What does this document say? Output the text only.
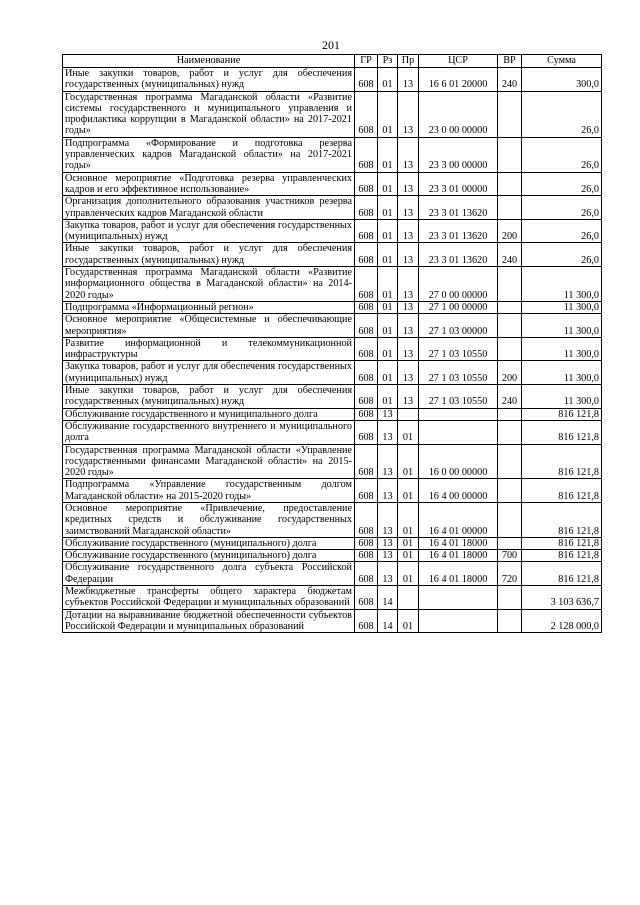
201
Наименование	ГР	Рз	Пр	ЦСР	ВР	Сумма
Иные закупки товаров, работ и услуг для обеспечения государственных (муниципальных) нужд	608	01	13	16 6 01 20000	240	300,0
Государственная программа Магаданской области «Развитие системы государственного и муниципального управления и профилактика коррупции в Магаданской области» на 2017-2021 годы»	608	01	13	23 0 00 00000		26,0
Подпрограмма «Формирование и подготовка резерва управленческих кадров Магаданской области» на 2017-2021 годы»	608	01	13	23 3 00 00000		26,0
Основное мероприятие «Подготовка резерва управленческих кадров и его эффективное использование»	608	01	13	23 3 01 00000		26,0
Организация дополнительного образования участников резерва управленческих кадров Магаданской области	608	01	13	23 3 01 13620		26,0
Закупка товаров, работ и услуг для обеспечения государственных (муниципальных) нужд	608	01	13	23 3 01 13620	200	26,0
Иные закупки товаров, работ и услуг для обеспечения государственных (муниципальных) нужд	608	01	13	23 3 01 13620	240	26,0
Государственная программа Магаданской области «Развитие информационного общества в Магаданской области» на 2014-2020 годы»	608	01	13	27 0 00 00000		11 300,0
Подпрограмма «Информационный регион»	608	01	13	27 1 00 00000		11 300,0
Основное мероприятие «Общесистемные и обеспечивающие мероприятия»	608	01	13	27 1 03 00000		11 300,0
Развитие информационной и телекоммуникационной инфраструктуры	608	01	13	27 1 03 10550		11 300,0
Закупка товаров, работ и услуг для обеспечения государственных (муниципальных) нужд	608	01	13	27 1 03 10550	200	11 300,0
Иные закупки товаров, работ и услуг для обеспечения государственных (муниципальных) нужд	608	01	13	27 1 03 10550	240	11 300,0
Обслуживание государственного и муниципального долга	608	13				816 121,8
Обслуживание государственного внутреннего и муниципального долга	608	13	01			816 121,8
Государственная программа Магаданской области «Управление государственными финансами Магаданской области» на 2015-2020 годы»	608	13	01	16 0 00 00000		816 121,8
Подпрограмма «Управление государственным долгом Магаданской области» на 2015-2020 годы»	608	13	01	16 4 00 00000		816 121,8
Основное мероприятие «Привлечение, предоставление кредитных средств и обслуживание государственных заимствований Магаданской области»	608	13	01	16 4 01 00000		816 121,8
Обслуживание государственного (муниципального) долга	608	13	01	16 4 01 18000		816 121,8
Обслуживание государственного (муниципального) долга	608	13	01	16 4 01 18000	700	816 121,8
Обслуживание государственного долга субъекта Российской Федерации	608	13	01	16 4 01 18000	720	816 121,8
Межбюджетные трансферты общего характера бюджетам субъектов Российской Федерации и муниципальных образований	608	14				3 103 636,7
Дотации на выравнивание бюджетной обеспеченности субъектов Российской Федерации и муниципальных образований	608	14	01			2 128 000,0
